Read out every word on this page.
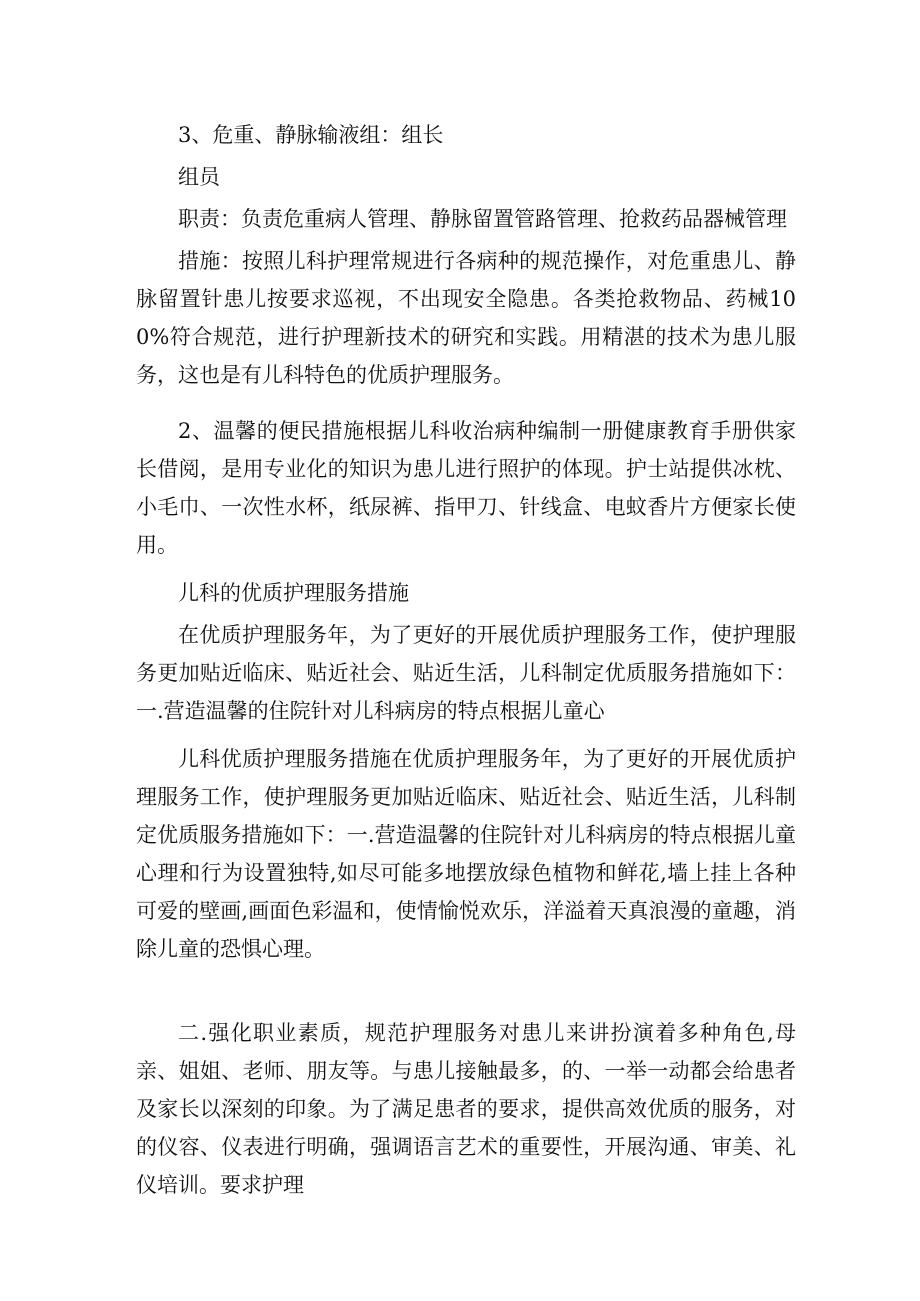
3、危重、静脉输液组：组长

组员

职责：负责危重病人管理、静脉留置管路管理、抢救药品器械管理

措施：按照儿科护理常规进行各病种的规范操作，对危重患儿、静脉留置针患儿按要求巡视，不出现安全隐患。各类抢救物品、药械100%符合规范，进行护理新技术的研究和实践。用精湛的技术为患儿服务，这也是有儿科特色的优质护理服务。

2、温馨的便民措施根据儿科收治病种编制一册健康教育手册供家长借阅，是用专业化的知识为患儿进行照护的体现。护士站提供冰枕、小毛巾、一次性水杯，纸尿裤、指甲刀、针线盒、电蚊香片方便家长使用。

儿科的优质护理服务措施

在优质护理服务年，为了更好的开展优质护理服务工作，使护理服务更加贴近临床、贴近社会、贴近生活，儿科制定优质服务措施如下：一.营造温馨的住院针对儿科病房的特点根据儿童心

儿科优质护理服务措施在优质护理服务年，为了更好的开展优质护理服务工作，使护理服务更加贴近临床、贴近社会、贴近生活，儿科制定优质服务措施如下：一.营造温馨的住院针对儿科病房的特点根据儿童心理和行为设置独特,如尽可能多地摆放绿色植物和鲜花,墙上挂上各种可爱的壁画,画面色彩温和，使情愉悦欢乐，洋溢着天真浪漫的童趣，消除儿童的恐惧心理。

二.强化职业素质，规范护理服务对患儿来讲扮演着多种角色,母亲、姐姐、老师、朋友等。与患儿接触最多，的、一举一动都会给患者及家长以深刻的印象。为了满足患者的要求，提供高效优质的服务，对的仪容、仪表进行明确，强调语言艺术的重要性，开展沟通、审美、礼仪培训。要求护理
